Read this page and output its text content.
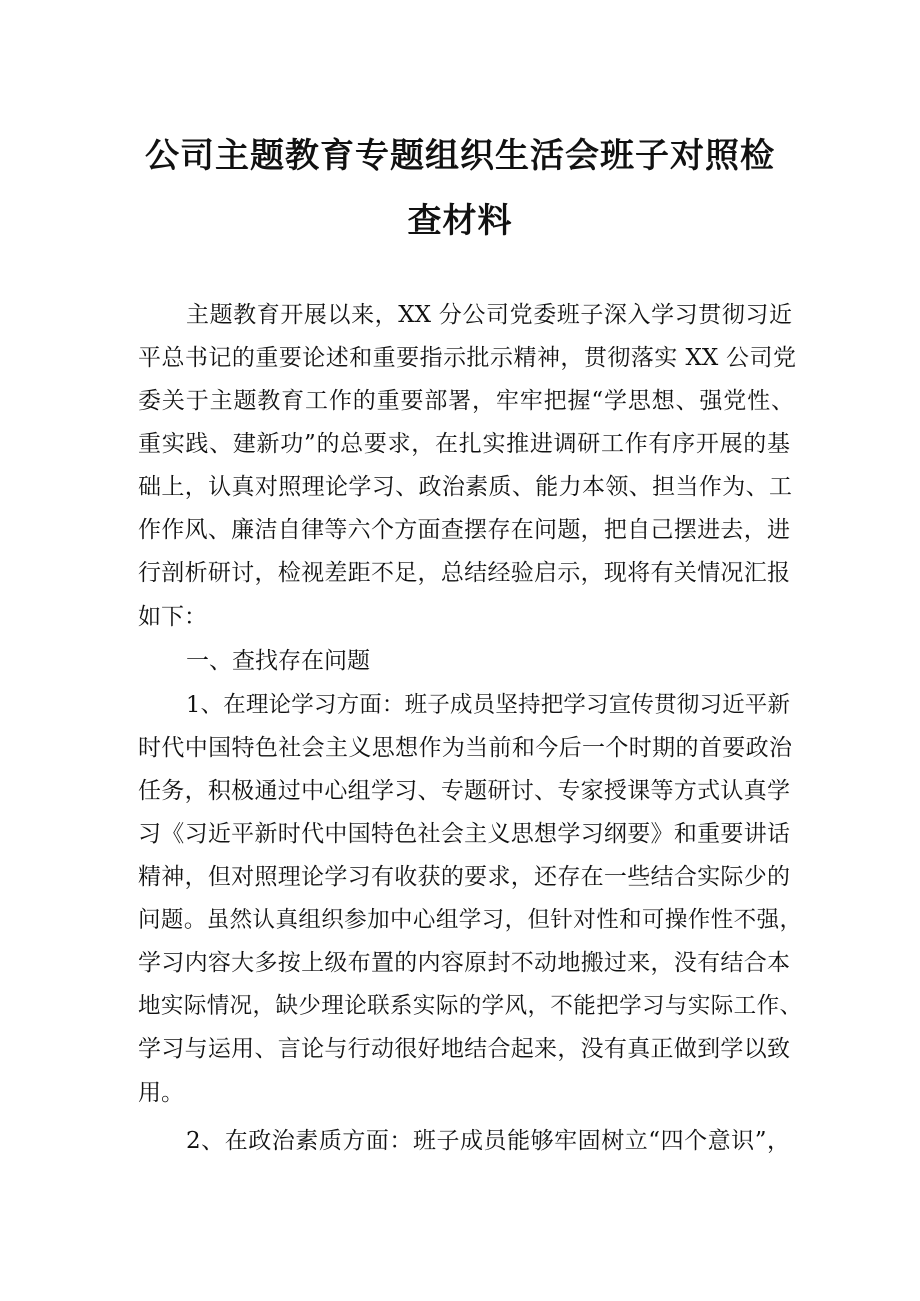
公司主题教育专题组织生活会班子对照检
查材料
主题教育开展以来，XX 分公司党委班子深入学习贯彻习近
平总书记的重要论述和重要指示批示精神，贯彻落实 XX 公司党
委关于主题教育工作的重要部署，牢牢把握“学思想、强党性、
重实践、建新功”的总要求，在扎实推进调研工作有序开展的基
础上，认真对照理论学习、政治素质、能力本领、担当作为、工
作作风、廉洁自律等六个方面查摆存在问题，把自己摆进去，进
行剖析研讨，检视差距不足，总结经验启示，现将有关情况汇报
如下：
一、查找存在问题
1、在理论学习方面：班子成员坚持把学习宣传贯彻习近平新
时代中国特色社会主义思想作为当前和今后一个时期的首要政治
任务，积极通过中心组学习、专题研讨、专家授课等方式认真学
习《习近平新时代中国特色社会主义思想学习纲要》和重要讲话
精神，但对照理论学习有收获的要求，还存在一些结合实际少的
问题。虽然认真组织参加中心组学习，但针对性和可操作性不强，
学习内容大多按上级布置的内容原封不动地搬过来，没有结合本
地实际情况，缺少理论联系实际的学风，不能把学习与实际工作、
学习与运用、言论与行动很好地结合起来，没有真正做到学以致
用。
2、在政治素质方面：班子成员能够牢固树立“四个意识”，
